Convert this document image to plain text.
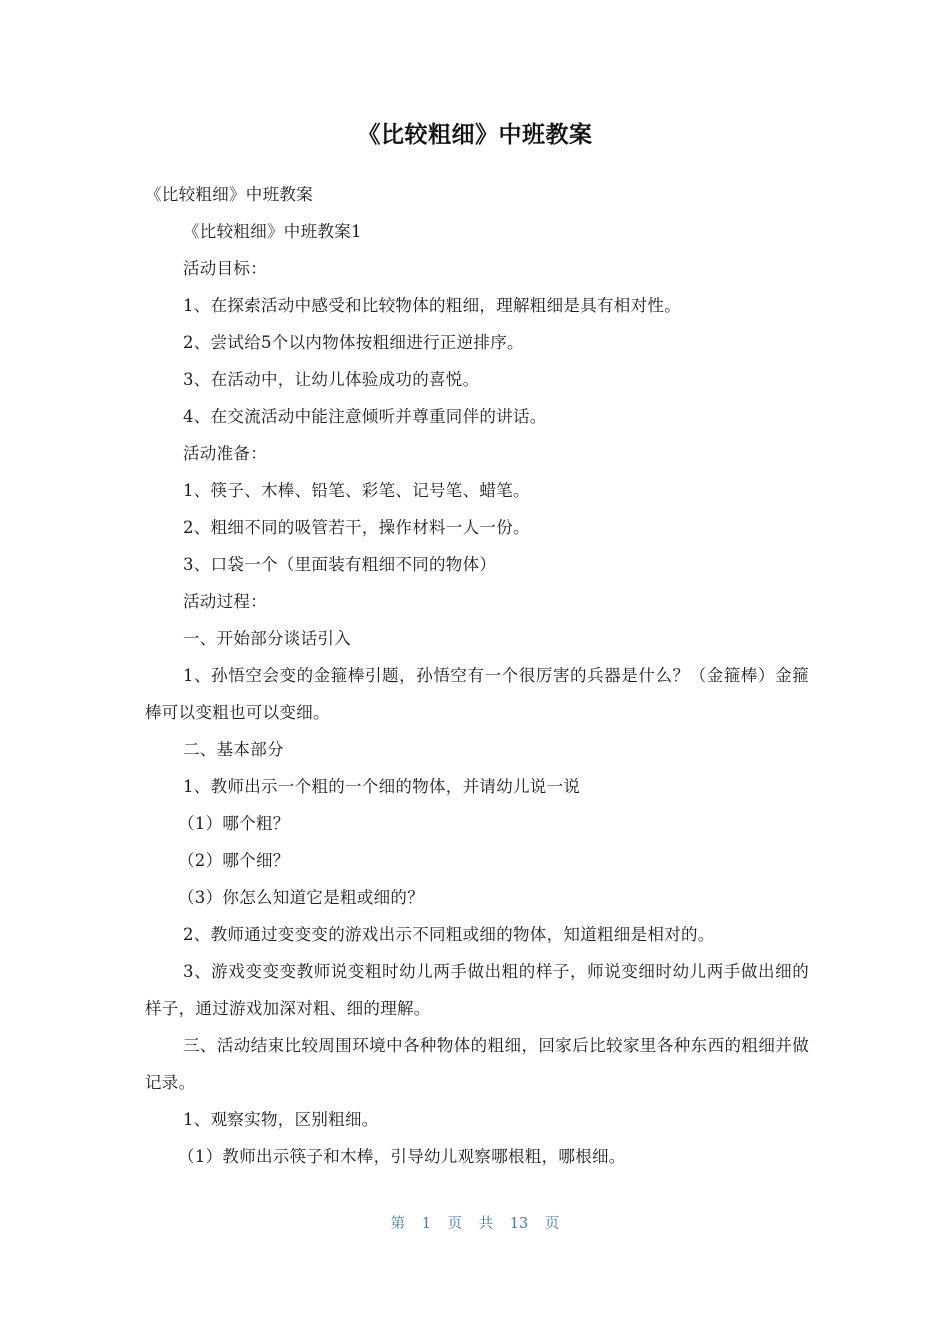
《比较粗细》中班教案

《比较粗细》中班教案

《比较粗细》中班教案1

活动目标：

1、在探索活动中感受和比较物体的粗细，理解粗细是具有相对性。

2、尝试给5个以内物体按粗细进行正逆排序。

3、在活动中，让幼儿体验成功的喜悦。

4、在交流活动中能注意倾听并尊重同伴的讲话。

活动准备：

1、筷子、木棒、铅笔、彩笔、记号笔、蜡笔。

2、粗细不同的吸管若干，操作材料一人一份。

3、口袋一个（里面装有粗细不同的物体）

活动过程：

一、开始部分谈话引入

1、孙悟空会变的金箍棒引题，孙悟空有一个很厉害的兵器是什么？（金箍棒）金箍棒可以变粗也可以变细。

二、基本部分

1、教师出示一个粗的一个细的物体，并请幼儿说一说

（1）哪个粗？

（2）哪个细？

（3）你怎么知道它是粗或细的？

2、教师通过变变变的游戏出示不同粗或细的物体，知道粗细是相对的。

3、游戏变变变教师说变粗时幼儿两手做出粗的样子，师说变细时幼儿两手做出细的样子，通过游戏加深对粗、细的理解。

三、活动结束比较周围环境中各种物体的粗细，回家后比较家里各种东西的粗细并做记录。

1、观察实物，区别粗细。

（1）教师出示筷子和木棒，引导幼儿观察哪根粗，哪根细。

第 1 页 共 13 页
